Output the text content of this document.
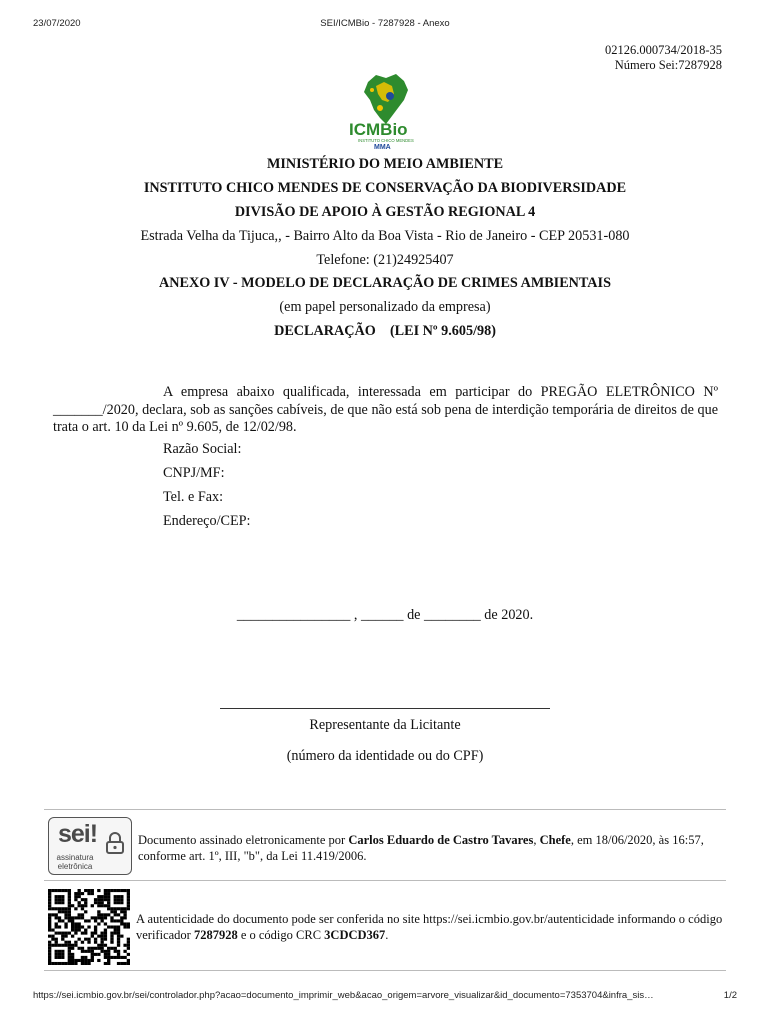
23/07/2020	SEI/ICMBio - 7287928 - Anexo
02126.000734/2018-35
Número Sei:7287928
ICMBio
INSTITUTO CHICO MENDES
MMA
MINISTÉRIO DO MEIO AMBIENTE
INSTITUTO CHICO MENDES DE CONSERVAÇÃO DA BIODIVERSIDADE
DIVISÃO DE APOIO À GESTÃO REGIONAL 4
Estrada Velha da Tijuca,, - Bairro Alto da Boa Vista - Rio de Janeiro - CEP 20531-080
Telefone: (21)24925407
ANEXO IV - MODELO DE DECLARAÇÃO DE CRIMES AMBIENTAIS
(em papel personalizado da empresa)
DECLARAÇÃO    (LEI Nº 9.605/98)
A empresa abaixo qualificada, interessada em participar do PREGÃO ELETRÔNICO Nº _______/2020, declara, sob as sanções cabíveis, de que não está sob pena de interdição temporária de direitos de que trata o art. 10 da Lei nº 9.605, de 12/02/98.
Razão Social:
CNPJ/MF:
Tel. e Fax:
Endereço/CEP:
________________ , ______ de ________ de 2020.
Representante da Licitante
(número da identidade ou do CPF)
sei!
assinatura
eletrônica
Documento assinado eletronicamente por Carlos Eduardo de Castro Tavares, Chefe, em 18/06/2020, às 16:57, conforme art. 1º, III, "b", da Lei 11.419/2006.
A autenticidade do documento pode ser conferida no site https://sei.icmbio.gov.br/autenticidade informando o código verificador 7287928 e o código CRC 3CDCD367.
https://sei.icmbio.gov.br/sei/controlador.php?acao=documento_imprimir_web&acao_origem=arvore_visualizar&id_documento=7353704&infra_sis…	1/2
